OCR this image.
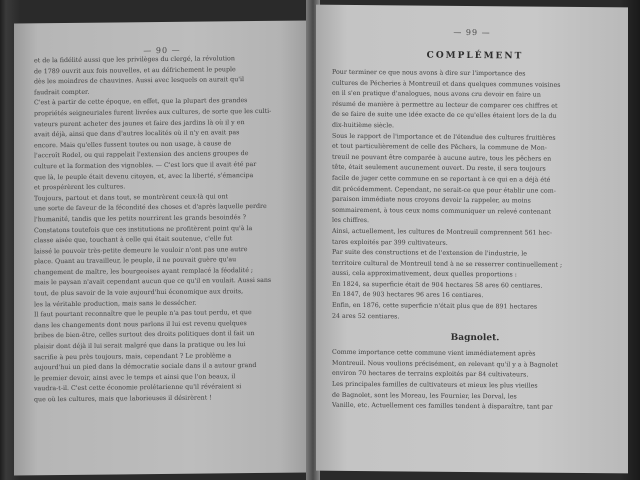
— 90 —
et de la fidélité aussi que les privilèges du clergé, la révolution
de 1789 ouvrit aux fois nouvelles, et au défrichement le peuple
dès les moindres de chauvines. Aussi avec lesquels on aurait qu'il
faudrait compter.
C'est à partir de cette époque, en effet, que la plupart des grandes
propriétés seigneuriales furent livrées aux cultures, de sorte que les culti-
vateurs purent acheter des jaunes et faire des jardins là où il y en
avait déjà, ainsi que dans d'autres localités où il n'y en avait pas
encore. Mais qu'elles fussent toutes ou non usage, à cause de
l'accroît Rodel, ou qui rappelait l'extension des anciens groupes de
culture et la formation des vignobles. — C'est lors que il avait été par
que là, le peuple était devenu citoyen, et, avec la liberté, s'émancipa
et prospérèrent les cultures.
Toujours, partout et dans tout, se montrèrent ceux-là qui ont
une sorte de faveur de la fécondité des choses et d'après laquelle perdre
l'humanité, tandis que les petits nourrirent les grands besoindés ?
Constatons toutefois que ces institutions ne profitèrent point qu'à la
classe aisée que, touchant à celle qui était soutenue, c'elle fut
laissé le pouvoir très-petite demeure le vouloir n'ont pas une autre
place. Quant au travailleur, le peuple, il ne pouvait guère qu'au
changement de maître, les bourgeoises ayant remplacé la féodalité ;
mais le paysan n'avait cependant aucun que ce qu'il en voulait. Aussi sans
tout, de plus savoir de la voie aujourd'hui économique aux droits,
les la véritable production, mais sans le dessécher.
Il faut pourtant reconnaître que le peuple n'a pas tout perdu, et que
dans les changements dont nous parlons il lui est revenu quelques
bribes de bien-être, celles surtout des droits politiques dont il fait un
plaisir dont déjà il lui serait malgré que dans la pratique ou les lui
sacrifie à peu près toujours, mais, cependant ? Le problème a
aujourd'hui un pied dans la démocratie sociale dans il a autour grand
le premier devoir, ainsi avec le temps et ainsi que l'on beaux, il
vaudra-t-il. C'est cette économie prolétarienne qu'il révéraient si
que où les cultures, mais que laborieuses il désirèrent !
— 99 —
COMPLÉMENT
Pour terminer ce que nous avons à dire sur l'importance des
cultures de Pécheries à Montreuil et dans quelques communes voisines
en il s'en pratique d'analogues, nous avons cru devoir en faire un
résumé de manière à permettre au lecteur de comparer ces chiffres et
de se faire de suite une idée exacte de ce qu'elles étaient lors de la du
dix-huitième siècle.
Sous le rapport de l'importance et de l'étendue des cultures fruitières
et tout particulièrement de celle des Pêchers, la commune de Mon-
treuil ne pouvant être comparée à aucune autre, tous les pêchers en
tête, était seulement aucunement ouvert. Du reste, il sera toujours
facile de juger cette commune en se reportant à ce qui en a déjà été
dit précédemment. Cependant, ne serait-ce que pour établir une com-
paraison immédiate nous croyons devoir la rappeler, au moins
sommairement, à tous ceux noms communiquer un relevé contenant
les chiffres.
Ainsi, actuellement, les cultures de Montreuil comprennent 561 hec-
tares exploités par 399 cultivateurs.
Par suite des constructions et de l'extension de l'industrie, le
territoire cultural de Montreuil tend à ne se resserrer continuellement ;
aussi, cela approximativement, deux quelles proportions :
En 1824, sa superficie était de 904 hectares 58 ares 60 centiares.
En 1847, de 903 hectares 96 ares 16 centiares.
Enfin, en 1876, cette superficie n'était plus que de 891 hectares
24 ares 52 centiares.
Bagnolet.
Comme importance cette commune vient immédiatement après
Montreuil. Nous voulions précisément, en relevant qu'il y a à Bagnolet
environ 70 hectares de terrains exploités par 84 cultivateurs.
Les principales familles de cultivateurs et mieux les plus vieilles
de Bagnolet, sont les Moreau, les Fournier, les Dorval, les
Vanille, etc. Actuellement ces familles tendent à disparaître, tant par
